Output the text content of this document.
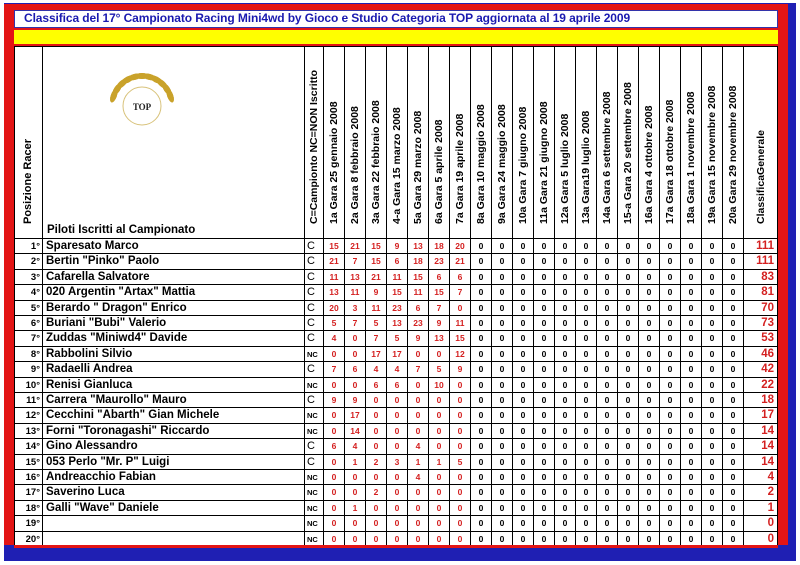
Classifica del 17° Campionato Racing Mini4wd by Gioco e Studio Categoria TOP aggiornata al 19 aprile 2009
Posizione Racer
TOP
Piloti Iscritti al Campionato
C=Campionto NC=NON Iscritto 1a Gara 25 gennaio 2008 2a Gara 8 febbraio 2008 3a Gara 22 febbraio 2008 4-a Gara 15 marzo 2008 5a Gara 29 marzo 2008 6a Gara 5 aprile 2008 7a Gara 19 aprile 2008 8a Gara 10 maggio 2008 9a Gara 24 maggio 2008 10a Gara 7 giugno 2008 11a Gara 21 giugno 2008 12a Gara 5 luglio 2008 13a Gara19 luglio 2008 14a Gara 6 settembre 2008 15-a Gara 20 settembre 2008 16a Gara 4 ottobre 2008 17a Gara 18 ottobre 2008 18a Gara 1 novembre 2008 19a Gara 15 novembre 2008 20a Gara 29 novembre 2008 ClassificaGenerale
1° Sparesato Marco	C	15	21	15	9	13	18	20	0	0	0	0	0	0	0	0	0	0	0	0	0	111
2° Bertin "Pinko" Paolo	C	21	7	15	6	18	23	21	0	0	0	0	0	0	0	0	0	0	0	0	0	111
3° Cafarella Salvatore	C	11	13	21	11	15	6	6	0	0	0	0	0	0	0	0	0	0	0	0	0	83
4° 020 Argentin "Artax" Mattia	C	13	11	9	15	11	15	7	0	0	0	0	0	0	0	0	0	0	0	0	0	81
5° Berardo " Dragon" Enrico	C	20	3	11	23	6	7	0	0	0	0	0	0	0	0	0	0	0	0	0	0	70
6° Buriani "Bubi" Valerio	C	5	7	5	13	23	9	11	0	0	0	0	0	0	0	0	0	0	0	0	0	73
7° Zuddas "Miniwd4" Davide	C	4	0	7	5	9	13	15	0	0	0	0	0	0	0	0	0	0	0	0	0	53
8° Rabbolini Silvio	NC	0	0	17	17	0	0	12	0	0	0	0	0	0	0	0	0	0	0	0	0	46
9° Radaelli Andrea	C	7	6	4	4	7	5	9	0	0	0	0	0	0	0	0	0	0	0	0	0	42
10° Renisi Gianluca	NC	0	0	6	6	0	10	0	0	0	0	0	0	0	0	0	0	0	0	0	0	22
11° Carrera "Maurollo" Mauro	C	9	9	0	0	0	0	0	0	0	0	0	0	0	0	0	0	0	0	0	0	18
12° Cecchini "Abarth" Gian Michele	NC	0	17	0	0	0	0	0	0	0	0	0	0	0	0	0	0	0	0	0	0	17
13° Forni "Toronagashi" Riccardo	NC	0	14	0	0	0	0	0	0	0	0	0	0	0	0	0	0	0	0	0	0	14
14° Gino Alessandro	C	6	4	0	0	4	0	0	0	0	0	0	0	0	0	0	0	0	0	0	0	14
15° 053 Perlo "Mr. P" Luigi	C	0	1	2	3	1	1	5	0	0	0	0	0	0	0	0	0	0	0	0	0	14
16° Andreacchio Fabian	NC	0	0	0	0	4	0	0	0	0	0	0	0	0	0	0	0	0	0	0	0	4
17° Saverino Luca	NC	0	0	2	0	0	0	0	0	0	0	0	0	0	0	0	0	0	0	0	0	2
18° Galli "Wave" Daniele	NC	0	1	0	0	0	0	0	0	0	0	0	0	0	0	0	0	0	0	0	0	1
19°	NC	0	0	0	0	0	0	0	0	0	0	0	0	0	0	0	0	0	0	0	0	0
20°	NC	0	0	0	0	0	0	0	0	0	0	0	0	0	0	0	0	0	0	0	0	0
